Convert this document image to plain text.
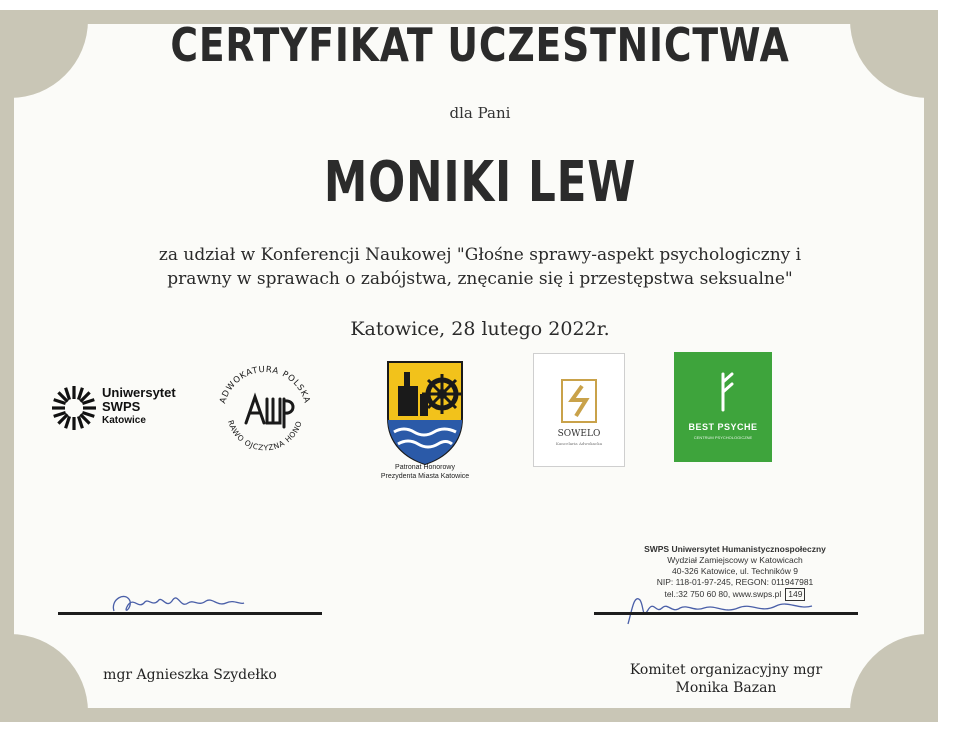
CERTYFIKAT UCZESTNICTWA
dla Pani
MONIKI LEW
za udział w Konferencji Naukowej "Głośne sprawy-aspekt psychologiczny i
prawny w sprawach o zabójstwa, znęcanie się i przestępstwa seksualne"
Katowice, 28 lutego 2022r.
Uniwersytet
SWPS
Katowice
ADWOKATURA POLSKA
RAWO OJCZYZNA HONO
Patronat Honorowy
Prezydenta Miasta Katowice
SOWELO
Kancelaria Adwokacka
BEST PSYCHE
CENTRUM PSYCHOLOGICZNE
mgr Agnieszka Szydełko
SWPS Uniwersytet Humanistycznospołeczny
Wydział Zamiejscowy w Katowicach
40-326 Katowice, ul. Techników 9
NIP: 118-01-97-245, REGON: 011947981
tel.:32 750 60 80, www.swps.pl 149
Komitet organizacyjny mgr
Monika Bazan
